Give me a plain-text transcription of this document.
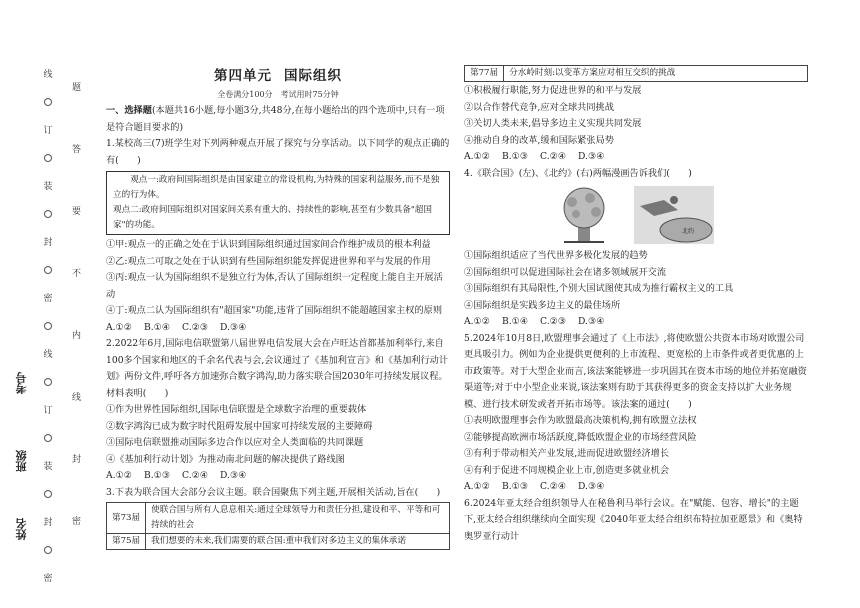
线
订
装
封
密
线
订
装
封
密
题
答
要
不
内
线
封
密
考号
班级
姓名
第四单元 国际组织
全卷满分100分　考试用时75分钟

一、选择题(本题共16小题,每小题3分,共48分,在每小题给出的四个选项中,只有一项是符合题目要求的)

1.某校高三(7)班学生对下列两种观点开展了探究与分享活动。以下同学的观点正确的有(　　)

观点一:政府间国际组织是由国家建立的常设机构,为特殊的国家利益服务,而不是独立的行为体。

观点二:政府间国际组织对国家间关系有重大的、持续性的影响,甚至有少数具备"超国家"的功能。

①甲:观点一的正确之处在于认识到国际组织通过国家间合作维护成员的根本利益

②乙:观点二可取之处在于认识到有些国际组织能发挥促进世界和平与发展的作用

③丙:观点一认为国际组织不是独立行为体,否认了国际组织一定程度上能自主开展活动

④丁:观点二认为国际组织有"超国家"功能,违背了国际组织不能超越国家主权的原则

A.①②	B.①④	C.②③	D.③④

2.2022年6月,国际电信联盟第八届世界电信发展大会在卢旺达首都基加利举行,来自100多个国家和地区的千余名代表与会,会议通过了《基加利宣言》和《基加利行动计划》两份文件,呼吁各方加速弥合数字鸿沟,助力落实联合国2030年可持续发展议程。材料表明(　　)

①作为世界性国际组织,国际电信联盟是全球数字治理的重要载体

②数字鸿沟已成为数字时代阻碍发展中国家可持续发展的主要障碍

③国际电信联盟推动国际多边合作以应对全人类面临的共同课题

④《基加利行动计划》为推动南北问题的解决提供了路线图

A.①②	B.①③	C.②④	D.③④

3.下表为联合国大会部分会议主题。联合国聚焦下列主题,开展相关活动,旨在(　　)

第73届	使联合国与所有人息息相关:通过全球领导力和责任分担,建设和平、平等和可持续的社会
第75届	我们想要的未来,我们需要的联合国:重申我们对多边主义的集体承诺
第77届	分水岭时刻:以变革方案应对相互交织的挑战

①积极履行职能,努力促进世界的和平与发展

②以合作替代竞争,应对全球共同挑战

③关切人类未来,倡导多边主义实现共同发展

④推动自身的改革,缓和国际紧张局势

A.①②	B.①③	C.②④	D.③④

4.《联合国》(左)、《北约》(右)两幅漫画告诉我们(　　)

北约

①国际组织适应了当代世界多极化发展的趋势

②国际组织可以促进国际社会在诸多领域展开交流

③国际组织有其局限性,个别大国试图使其成为推行霸权主义的工具

④国际组织是实践多边主义的最佳场所

A.①②	B.①④	C.②③	D.③④

5.2024年10月8日,欧盟理事会通过了《上市法》,将使欧盟公共资本市场对欧盟公司更具吸引力。例如为企业提供更便利的上市流程、更宽松的上市条件或者更优惠的上市政策等。对于大型企业而言,该法案能够进一步巩固其在资本市场的地位并拓宽融资渠道等;对于中小型企业来说,该法案则有助于其获得更多的资金支持以扩大业务规模、进行技术研发或者开拓市场等。该法案的通过(　　)

①表明欧盟理事会作为欧盟最高决策机构,拥有欧盟立法权

②能够提高欧洲市场活跃度,降低欧盟企业的市场经营风险

③有利于带动相关产业发展,进而促进欧盟经济增长

④有利于促进不同规模企业上市,创造更多就业机会

A.①②	B.①③	C.②④	D.③④

6.2024年亚太经合组织领导人在秘鲁利马举行会议。在"赋能、包容、增长"的主题下,亚太经合组织继续向全面实现《2040年亚太经合组织布特拉加亚愿景》和《奥特奥罗亚行动计
